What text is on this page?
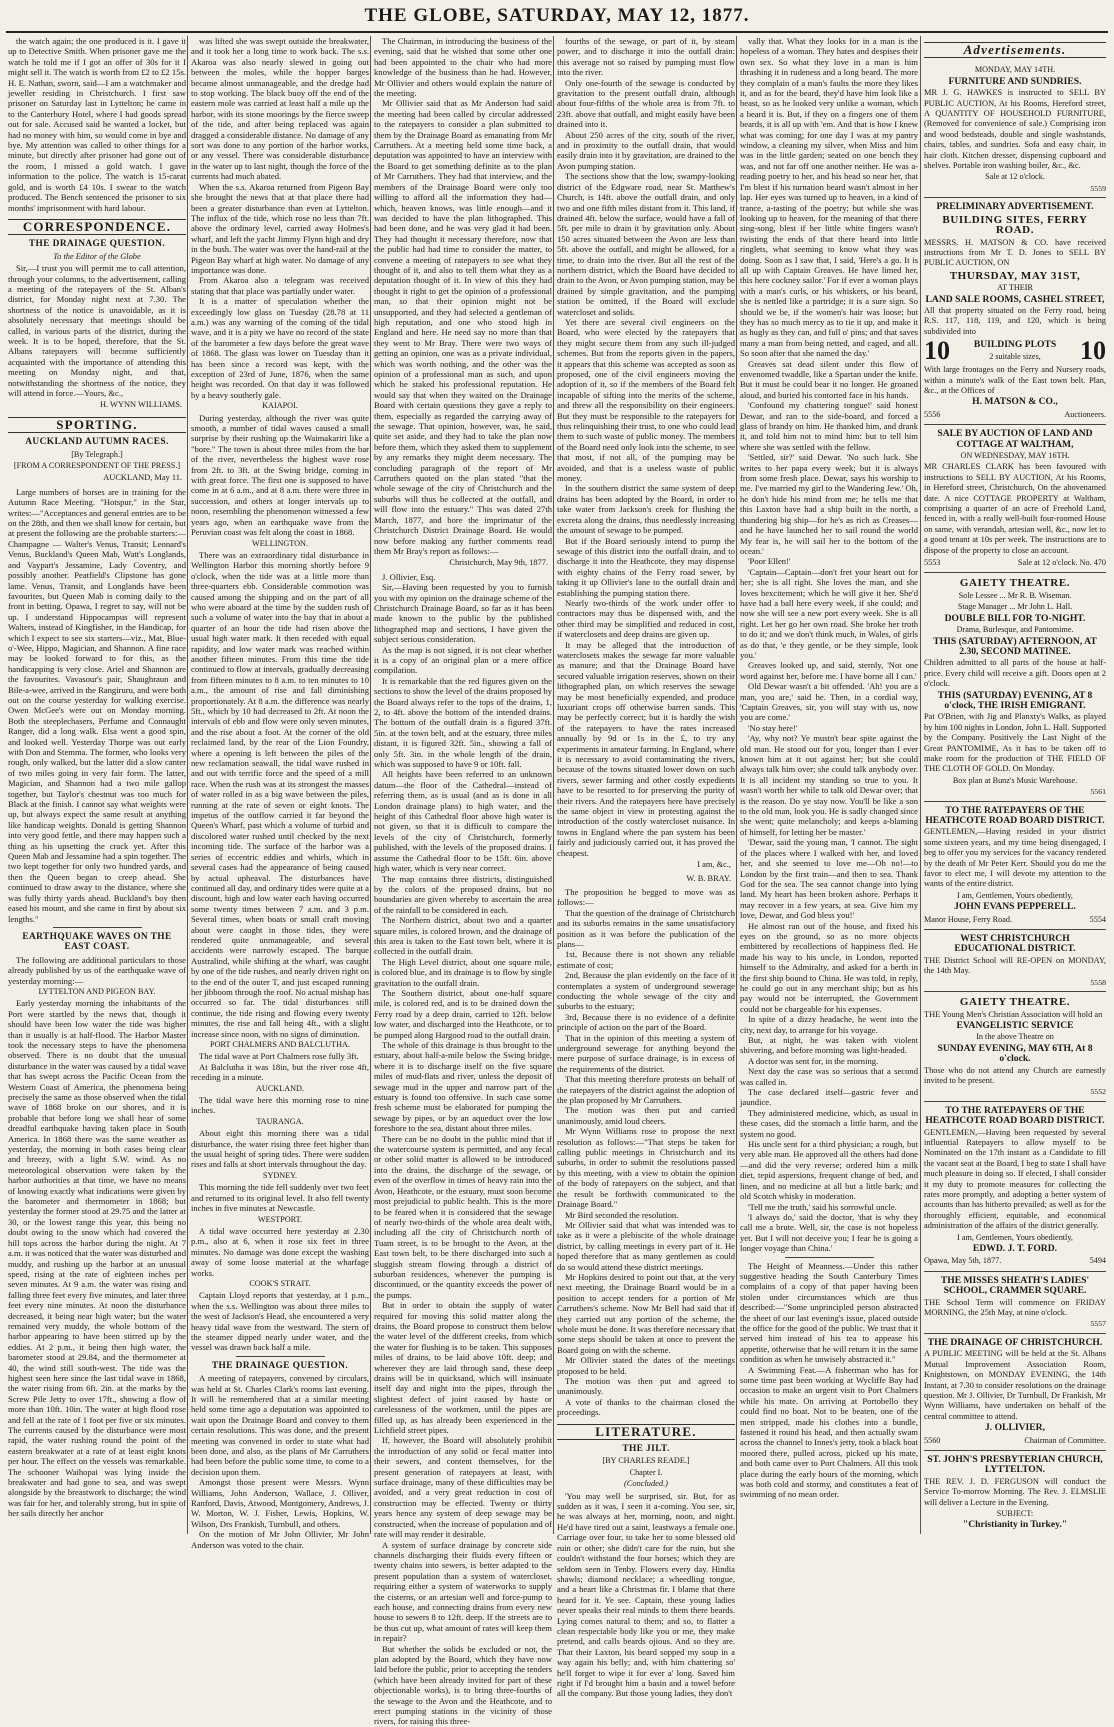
THE GLOBE, SATURDAY, MAY 12, 1877.

the watch again; the one produced is it. I gave it up to Detective Smith. When prisoner gave me the watch he told me if I got an offer of 30s for it I might sell it. The watch is worth from £2 to £2 15s. H. E. Nathan, sworn, said—I am a watchmaker and jeweller residing in Christchurch. I first saw prisoner on Saturday last in Lyttelton; he came in to the Canterbury Hotel, where I had goods spread out for sale. Accused said he wanted a locket, but had no money with him, so would come in bye and bye. My attention was called to other things for a minute, but directly after prisoner had gone out of the room, I missed a gold watch. I gave information to the police. The watch is 15-carat gold, and is worth £4 10s. I swear to the watch produced. The Bench sentenced the prisoner to six months' imprisonment with hard labour.

CORRESPONDENCE.
THE DRAINAGE QUESTION.
To the Editor of the Globe

Sir,—I trust you will permit me to call attention, through your columns, to the advertisement, calling a meeting of the ratepayers of the St. Alban's district, for Monday night next at 7.30. The shortness of the notice is unavoidable, as it is absolutely necessary that meetings should be called, in various parts of the district, during the week. It is to be hoped, therefore, that the St. Albans ratepayers will become sufficiently acquainted with the importance of attending this meeting on Monday night, and that, notwithstanding the shortness of the notice, they will attend in force.—Yours, &c.,

H. WYNN WILLIAMS.
SPORTING.
AUCKLAND AUTUMN RACES.
[By Telegraph.]
[FROM A CORRESPONDENT OF THE PRESS.]
AUCKLAND, May 11.

Large numbers of horses are in training for the Autumn Race Meeting. "Hotspur," in the Star, writes:—"Acceptances and general entries are to be on the 28th, and then we shall know for certain, but at present the following are the probable starters:—Champagne — Walter's Venus, Transit; Leonard's Venus, Buckland's Queen Mab, Watt's Longlands, and Vaypart's Jessamine, Lady Coventry, and possibly another. Peatfield's Clipstone has gone lame. Venus, Transit, and Longlands have been favourites, but Queen Mab is coming daily to the front in betting. Opawa, I regret to say, will not be up. I understand Hippocampus will represent Walters, instead of Kingfisher, in the Handicap, for which I expect to see six starters—viz., Mat, Blue-o'-Wee, Hippo, Magician, and Shannon. A fine race may be looked forward to for this, as the handicapping is very close. Ariel and Shannon are the favourites. Vavasour's pair, Shaughraun and Bile-a-wee, arrived in the Rangiruru, and were both out on the course yesterday for walking exercise. Owen McGee's were out on Monday morning. Both the steeplechasers, Perfume and Connaught Ranger, did a long walk. Elsa went a good spin, and looked well. Yesterday Thorpe was out early with Don and Stemma. The former, who looks very rough, only walked, but the latter did a slow canter of two miles going in very fair form. The latter, Magician, and Shannon had a two mile gallop together, but Taylor's chestnut was too much for Black at the finish. I cannot say what weights were up, but always expect the same result at anything like handicap weights. Donald is getting Shannon into very good fettle, and there may happen such a thing as his upsetting the crack yet. After this Queen Mab and Jessamine had a spin together. The two kept together for only two hundred yards, and then the Queen began to creep ahead. She continued to draw away to the distance, where she was fully thirty yards ahead. Buckland's boy then eased his mount, and she came in first by about six lengths."

EARTHQUAKE WAVES ON THE EAST COAST.

The following are additional particulars to those already published by us of the earthquake wave of yesterday morning:—

LYTTELTON AND PIGEON BAY.

Early yesterday morning the inhabitants of the Port were startled by the news that, though it should have been low water the tide was higher than it usually is at half-flood. The Harbor Master took the necessary steps to have the phenomena observed. There is no doubt that the unusual disturbance in the water was caused by a tidal wave that has swept across the Pacific Ocean from the Western Coast of America, the phenomena being precisely the same as those observed when the tidal wave of 1868 broke on our shores, and it is probable that before long we shall hear of some dreadful earthquake having taken place in South America. In 1868 there was the same weather as yesterday, the morning in both cases being clear and breezy, with a light S.W. wind. As no meteorological observation were taken by the harbor authorities at that time, we have no means of knowing exactly what indications were given by the barometer and thermometer in 1868; but yesterday the former stood at 29.75 and the latter at 30, or the lowest range this year, this being no doubt owing to the snow which had covered the hill tops across the harbor during the night. At 7 a.m. it was noticed that the water was disturbed and muddy, and rushing up the harbor at an unusual speed, rising at the rate of eighteen inches per seven minutes. At 9 a.m. the water was rising and falling three feet every five minutes, and later three feet every nine minutes. At noon the disturbance decreased, it being near high water; but the water remained very muddy, the whole bottom of the harbor appearing to have been stirred up by the eddies. At 2 p.m., it being then high water, the barometer stood at 29.84, and the thermometer at 40, the wind still south-west. The tide was the highest seen here since the last tidal wave in 1868, the water rising from 6ft. 2in. at the marks by the Screw Pile Jetty to over 17ft., showing a flow of more than 10ft. 10in. The water at high flood rose and fell at the rate of 1 foot per five or six minutes. The currents caused by the disturbance were most rapid, the water rushing round the point of the eastern breakwater at a rate of at least eight knots per hour. The effect on the vessels was remarkable. The schooner Waihopai was lying inside the breakwater and had gone to sea, and was swept alongside by the breastwork to discharge; the wind was fair for her, and tolerably strong, but in spite of her sails directly her anchor

was lifted she was swept outside the breakwater, and it took her a long time to work back. The s.s. Akaroa was also nearly slewed in going out between the moles, while the hopper barges became almost unmanageable, and the dredge had to stop working. The black buoy off the end of the eastern mole was carried at least half a mile up the harbor, with its stone moorings by the fierce sweep of the tide, and after being replaced was again dragged a considerable distance. No damage of any sort was done to any portion of the harbor works, or any vessel. There was considerable disturbance in the water up to last night, though the force of the currents had much abated.

When the s.s. Akaroa returned from Pigeon Bay she brought the news that at that place there had been a greater disturbance than even at Lyttelton. The influx of the tide, which rose no less than 7ft. above the ordinary level, carried away Holmes's wharf, and left the yacht Jimmy Flynn high and dry in the bush. The water was over the hand-rail at the Pigeon Bay wharf at high water. No damage of any importance was done.

From Akaroa also a telegram was received stating that that place was partially under water.

It is a matter of speculation whether the exceedingly low glass on Tuesday (28.78 at 11 a.m.) was any warning of the coming of the tidal wave, and it is a pity we have no record of the state of the barometer a few days before the great wave of 1868. The glass was lower on Tuesday than it has been since a record was kept, with the exception of 23rd of June, 1876, when the same height was recorded. On that day it was followed by a heavy southerly gale.

KAIAPOI.

During yesterday, although the river was quite smooth, a number of tidal waves caused a small surprise by their rushing up the Waimakariri like a "bore." The town is about three miles from the bar of the river, nevertheless the highest wave rose from 2ft. to 3ft. at the Swing bridge, coming in with great force. The first one is supposed to have come in at 6 a.m., and at 8 a.m. there were three in succession, and others at longer intervals up to noon, resembling the phenomenon witnessed a few years ago, when an earthquake wave from the Peruvian coast was felt along the coast in 1868.

WELLINGTON.

There was an extraordinary tidal disturbance in Wellington Harbor this morning shortly before 9 o'clock, when the tide was at a little more than three-quarters ebb. Considerable commotion was caused among the shipping and on the part of all who were aboard at the time by the sudden rush of such a volume of water into the bay that in about a quarter of an hour the tide had risen above the usual high water mark. It then receded with equal rapidity, and low water mark was reached within another fifteen minutes. From this time the tide continued to flow at intervals, gradually decreasing from fifteen minutes to 8 a.m. to ten minutes to 10 a.m., the amount of rise and fall diminishing proportionately. At 8 a.m. the difference was nearly 5ft., which by 10 had decreased to 2ft. At noon the intervals of ebb and flow were only seven minutes, and the rise about a foot. At the corner of the old reclaimed land, by the rear of the Lion Foundry, where a opening is left between the piles of the new reclamation seawall, the tidal wave rushed in and out with terrific force and the speed of a mill race. When the rush was at its strongest the masses of water rolled in as a big wave between the piles, running at the rate of seven or eight knots. The impetus of the outflow carried it far beyond the Queen's Wharf, past which a volume of turbid and discolored water rushed until checked by the next incoming tide. The surface of the harbor was a series of eccentric eddies and whirls, which in several cases had the appearance of being caused by actual upheaval. The disturbances have continued all day, and ordinary tides were quite at a discount, high and low water each having occurred some twenty times between 7 a.m. and 3 p.m. Several times, when boats or small craft moving about were caught in those tides, they were rendered quite unmanageable, and several accidents were narrowly escaped. The barque Australind, while shifting at the wharf, was caught by one of the tide rushes, and nearly driven right on to the end of the outer T, and just escaped running her jibboom through the roof. No actual mishap has occurred so far. The tidal disturbances still continue, the tide rising and flowing every twenty minutes, the rise and fall being 4ft., with a slight increase since noon, with no signs of diminution.

PORT CHALMERS AND BALCLUTHA.

The tidal wave at Port Chalmers rose fully 3ft.

At Balclutha it was 18in, but the river rose 4ft, receding in a minute.

AUCKLAND.

The tidal wave here this morning rose to nine inches.

TAURANGA.

About eight this morning there was a tidal disturbance, the water rising three feet higher than the usual height of spring tides. There were sudden rises and falls at short intervals throughout the day.

SYDNEY.

This morning the tide fell suddenly over two feet and returned to its original level. It also fell twenty inches in five minutes at Newcastle.

WESTPORT.

A tidal wave occurred here yesterday at 2.30 p.m., also at 6, when it rose six feet in three minutes. No damage was done except the washing away of some loose material at the wharfage works.

COOK'S STRAIT.

Captain Lloyd reports that yesterday, at 1 p.m., when the s.s. Wellington was about three miles to the west of Jackson's Head, she encountered a very heavy tidal wave from the westward. The stern of the steamer dipped nearly under water, and the vessel was drawn back half a mile.

THE DRAINAGE QUESTION.

A meeting of ratepayers, convened by circulars, was held at St. Charles Clark's rooms last evening. It will be remembered that at a similar meeting held some time ago a deputation was appointed to wait upon the Drainage Board and convey to them certain resolutions. This was done, and the present meeting was convened in order to state what had been done, and also, as the plans of Mr Carruthers had been before the public some time, to come to a decision upon them.

Amongst those present were Messrs. Wynn Williams, John Anderson, Wallace, J. Olliver, Ranford, Davis, Atwood, Montgomery, Andrews, J. W. Morton, W. J. Fisher, Lewis, Hopkins, W. Wilson, Drs Frankish, Turnbull, and others.

On the motion of Mr John Ollivier, Mr John Anderson was voted to the chair.

The Chairman, in introducing the business of the evening, said that he wished that some other one had been appointed to the chair who had more knowledge of the business than he had. However, Mr Ollivier and others would explain the nature of the meeting.

Mr Ollivier said that as Mr Anderson had said the meeting had been called by circular addressed to the ratepayers to consider a plan submitted to them by the Drainage Board as emanating from Mr Carruthers. At a meeting held some time back, a deputation was appointed to have an interview with the Board to get something definite as to the plan of Mr Carruthers. They had that interview, and the members of the Drainage Board were only too willing to afford all the information they had—which, heaven knows, was little enough—and it was decided to have the plan lithographed. This had been done, and he was very glad it had been. They had thought it necessary therefore, now that the public had had time to consider the matter, to convene a meeting of ratepayers to see what they thought of it, and also to tell them what they as a deputation thought of it. In view of this they had thought it right to get the opinion of a professional man, so that their opinion might not be unsupported, and they had selected a gentleman of high reputation, and one who stood high in England and here. He need say no more than that they went to Mr Bray. There were two ways of getting an opinion, one was as a private individual, which was worth nothing, and the other was the opinion of a professional man as such, and upon which he staked his professional reputation. He would say that when they waited on the Drainage Board with certain questions they gave a reply to them, especially as regarded the carrying away of the sewage. That opinion, however, was, he said, quite set aside, and they had to take the plan now before them, which they asked them to supplement by any remarks they might deem necessary. The concluding paragraph of the report of Mr Carruthers quoted on the plan stated "that the whole sewage of the city of Christchurch and the suburbs will thus be collected at the outfall, and will flow into the estuary." This was dated 27th March, 1877, and bore the imprimatur of the Christchurch District Drainage Board. He would now before making any further comments read them Mr Bray's report as follows:—

Christchurch, May 9th, 1877.

J. Ollivier, Esq.

Sir,—Having been requested by you to furnish you with my opinion on the drainage scheme of the Christchurch Drainage Board, so far as it has been made known to the public by the published lithographed map and sections, I have given the subject serious consideration.

As the map is not signed, it is not clear whether it is a copy of an original plan or a mere office compilation.

It is remarkable that the red figures given on the sections to show the level of the drains proposed by the Board always refer to the tops of the drains, 1, 2, to 4ft. above the bottom of the intended drains. The bottom of the outfall drain is a figured 37ft. 5in. at the town belt, and at the estuary, three miles distant, it is figured 32ft. 5in., showing a fall of only 5ft. 3in. in the whole length of the drain, which was supposed to have 9 or 10ft. fall.

All heights have been referred to an unknown datum—the floor of the Cathedral—instead of referring them, as is usual (and as is done in all London drainage plans) to high water, and the height of this Cathedral floor above high water is not given, so that it is difficult to compare the levels of the city of Christchurch, formerly published, with the levels of the proposed drains. I assume the Cathedral floor to be 15ft. 6in. above high water, which is very near correct.

The map contains three districts, distinguished by the colors of the proposed drains, but no boundaries are given whereby to ascertain the area of the rainfall to be considered in each.

The Northern district, about two and a quarter square miles, is colored brown, and the drainage of this area is taken to the East town belt, where it is collected in the outfall drain.

The High Level district, about one square mile, is colored blue, and its drainage is to flow by single gravitation to the outfall drain.

The Southern district, about one-half square mile, is colored red, and is to be drained down the Ferry road by a deep drain, carried to 12ft. below low water, and discharged into the Heathcote, or to be pumped along Hargood road to the outfall drain.

The whole of this drainage is thus brought to the estuary, about half-a-mile below the Swing bridge, where it is to discharge itself on the five square miles of mud-flats and river, unless the deposit of sewage mud in the upper and narrow part of the estuary is found too offensive. In such case some fresh scheme must be elaborated for pumping the sewage by pipes, or by an aqueduct over the low foreshore to the sea, distant about three miles.

There can be no doubt in the public mind that if the watercourse system is permitted, and any fecal or other solid matter is allowed to be introduced into the drains, the discharge of the sewage, or even of the overflow in times of heavy rain into the Avon, Heathcote, or the estuary, must soon become most prejudicial to public health. This is the more to be feared when it is considered that the sewage of nearly two-thirds of the whole area dealt with, including all the city of Christchurch north of Tuam street, is to be brought to the Avon, at the East town belt, to be there discharged into such a sluggish stream flowing through a district of suburban residences, whenever the pumping is discontinued, or the quantity exceeds the power of the pumps.

But in order to obtain the supply of water required for moving this solid matter along the drains, the Board propose to construct them below the water level of the different creeks, from which the water for flushing is to be taken. This supposes miles of drains, to be laid above 10ft. deep; and wherever they are laid through sand, these deep drains will be in quicksand, which will insinuate itself day and night into the pipes, through the slightest defect of joint caused by haste or carelessness of the workmen, until the pipes are filled up, as has already been experienced in the Lichfield street pipes.

If, however, the Board will absolutely prohibit the introduction of any solid or fecal matter into their sewers, and content themselves, for the present generation of ratepayers at least, with surface drainage, many of these difficulties may be avoided, and a very great reduction in cost of construction may be effected. Twenty or thirty years hence any system of deep sewage may be constructed, when the increase of population and of rate will may render it desirable.

A system of surface drainage by concrete side channels discharging their fluids every fifteen or twenty chains into sewers, is better adapted to the present population than a system of watercloset, requiring either a system of waterworks to supply the cisterns, or an artesian well and force-pump to each house, and connecting drains from every new house to sewers 8 to 12ft. deep. If the streets are to be thus cut up, what amount of rates will keep them in repair?

But whether the solids be excluded or not, the plan adopted by the Board, which they have now laid before the public, prior to accepting the tenders (which have been already invited for part of these objectionable works), is to bring three-fourths of the sewage to the Avon and the Heathcote, and to erect pumping stations in the vicinity of those rivers, for raising this three-

fourths of the sewage, or part of it, by steam power, and to discharge it into the outfall drain: this average not so raised by pumping must flow into the river.

Only one-fourth of the sewage is conducted by gravitation to the present outfall drain, although about four-fifths of the whole area is from 7ft. to 23ft. above that outfall, and might easily have been drained into it.

About 250 acres of the city, south of the river, and in proximity to the outfall drain, that would easily drain into it by gravitation, are drained to the Avon pumping station.

The sections show that the low, swampy-looking district of the Edgware road, near St. Matthew's Church, is 14ft. above the outfall drain, and only two and one fifth miles distant from it. This land, if drained 4ft. below the surface, would have a fall of 5ft. per mile to drain it by gravitation only. About 150 acres situated between the Avon are less than 5ft. above the outfall, and might be allowed, for a time, to drain into the river. But all the rest of the northern district, which the Board have decided to drain to the Avon, or Avon pumping station, may be drained by simple gravitation, and the pumping station be omitted, if the Board will exclude watercloset and solids.

Yet there are several civil engineers on the Board, who were elected by the ratepayers that they might secure them from any such ill-judged schemes. But from the reports given in the papers, it appears that this scheme was accepted as soon as proposed, one of the civil engineers moving the adoption of it, so if the members of the Board felt incapable of sifting into the merits of the scheme, and threw all the responsibility on their engineers. But they must be responsible to the ratepayers for thus relinquishing their trust, to one who could lead them to such waste of public money. The members of the Board need only look into the scheme, to see that most, if not all, of the pumping may be avoided, and that is a useless waste of public money.

In the southern district the same system of deep drains has been adopted by the Board, in order to take water from Jackson's creek for flushing the excreta along the drains, thus needlessly increasing the amount of sewage to be pumped.

But if the Board seriously intend to pump the sewage of this district into the outfall drain, and to discharge it into the Heathcote, they may dispense with eighty chains of the Ferry road sewer, by taking it up Ollivier's lane to the outfall drain and establishing the pumping station there.

Nearly two-thirds of the work under offer to contractors may thus be dispensed with, and the other third may be simplified and reduced in cost, if waterclosets and deep drains are given up.

It may be alleged that the introduction of waterclosets makes the sewage far more valuable as manure; and that the Drainage Board have secured valuable irrigation reserves, shown on their lithographed plan, on which reserves the sewage may be most beneficially expended, and produce luxuriant crops off otherwise barren sands. This may be perfectly correct; but it is hardly the wish of the ratepayers to have the rates increased annually by 9d or 1s in the £, to try any experiments in amateur farming. In England, where it is necessary to avoid contaminating the rivers, because of the towns situated lower down on such rivers, sewer farming and other costly expedients have to be resorted to for preserving the purity of their rivers. And the ratepayers here have precisely the same object in view in protesting against the introduction of the costly watercloset nuisance. In towns in England where the pan system has been fairly and judiciously carried out, it has proved the cheapest.

I am, &c.,
W. B. BRAY.

The proposition he begged to move was as follows:—

That the question of the drainage of Christchurch and its suburbs remains in the same unsatisfactory position as it was before the publication of the plans—

1st, Because there is not shown any reliable estimate of cost;

2nd, Because the plan evidently on the face of it contemplates a system of underground sewerage conducting the whole sewage of the city and suburbs to the estuary;

3rd, Because there is no evidence of a definite principle of action on the part of the Board.

That in the opinion of this meeting a system of underground sewerage for anything beyond the mere purpose of surface drainage, is in excess of the requirements of the district.

That this meeting therefore protests on behalf of the ratepayers of the district against the adoption of the plan proposed by Mr Carruthers.

The motion was then put and carried unanimously, amid loud cheers.

Mr Wynn Williams rose to propose the next resolution as follows:—"That steps be taken for calling public meetings in Christchurch and its suburbs, in order to submit the resolutions passed by this meeting, with a view to obtain the opinion of the body of ratepayers on the subject, and that the result be forthwith communicated to the Drainage Board."

Mr Bird seconded the resolution.

Mr Ollivier said that what was intended was to take as it were a plebiscite of the whole drainage district, by calling meetings in every part of it. He hoped therefore that as many gentlemen as could do so would attend these district meetings.

Mr Hopkins desired to point out that, at the very next meeting, the Drainage Board would be in a position to accept tenders for a portion of Mr Carruthers's scheme. Now Mr Bell had said that if they carried out any portion of the scheme, the whole must be done. It was therefore necessary that some steps should be taken at once to prevent the Board going on with the scheme.

Mr Ollivier stated the dates of the meetings proposed to be held.

The motion was then put and agreed to unanimously.

A vote of thanks to the chairman closed the proceedings.

LITERATURE.
THE JILT.
[BY CHARLES READE.]
Chapter I.
(Concluded.)

'You may well be surprised, sir. But, for as sudden as it was, I seen it a-coming. You see, sir, he was always at her, morning, noon, and night. He'd have tired out a saint, leastways a female one. Carriage over four, to take her to some blessed old ruin or other; she didn't care for the ruin, but she couldn't withstand the four horses; which they are seldom seen in Tenby. Flowers every day. Hindia shawls; diamond necklace; a wheedling tongue, and a heart like a Christmas fir. I blame that there heard for it. Ye see. Captain, these young ladies never speaks their real minds to them there beards. Lying comes natural to them; and so, to flatter a clean respectable body like you or me, they make pretend, and calls beards ojious. And so they are. That their Laxton, his beard sopped my soup in a way again his belly; and, with him chattering so' he'll forget to wipe it for ever a' long. Saved him right if I'd brought him a basin and a towel before all the company. But those young ladies, they don't

vally that. What they looks for in a man is the hopeless of a woman. They hates and despises their own sex. So what they love in a man is him thrashing it in rudeness and a long beard. The more they complain of a man's faults the more they likes it, and as for the beard, they'd have him look like a beast, so as he looked very unlike a woman, which a beard it is. But, if they on a fingers one of them beards, it is all up with 'em. And that is how I knew what was coming; for one day I was at my pantry window, a cleaning my silver, when Miss and him was in the little garden; seated on one bench they was, and not far off one another neither. He was a-reading poetry to her, and his head so near her, that I'm blest if his turnation beard wasn't almost in her lap. Her eyes was turned up to heaven, in a kind of trance, a-tasting of the poetry; but while she was looking up to heaven, for the meaning of that there sing-song, blest if her little white fingers wasn't twisting the ends of that there beard into little ringlets, what seeming to know what they was doing. Soon as I saw that, I said, 'Here's a go. It is all up with Captain Greaves. He have limed her, this here cockney sailor.' For if ever a woman plays with a man's curls, or his whiskers, or his beard, she is nettled like a partridge; it is a sure sign. So should we be, if the women's hair was loose; but they has so much mercy as to tie it up, and make it as hugly as they can, and full o' pins; and that saves many a man from being netted, and caged, and all. So soon after that she named the day.'

Greaves sat dead silent under this flow of envenomed twaddle, like a Spartan under the knife. But it must be could bear it no longer. He groaned aloud, and buried his contorted face in his hands.

'Confound my chattering tongue!' said honest Dewar, and ran to the side-board, and forced a glass of brandy on him. He thanked him, and drank it, and told him not to mind him: but to tell him where she was settled with the fellow.

'Settled, sir?' said Dewar. 'No such luck. She writes to her papa every week; but it is always from some fresh place. Dewar, says his worship to me. I've married my girl to the Wandering Jew.' Oh, he don't hide his mind from me; he tells me that this Laxton have had a ship built in the north, a thundering big ship—for he's as rich as Creases—and he have launched her to sail round the world My fear is, he will sail her to the bottom of the ocean.'

'Poor Ellen!'

'Captain—Captain—don't fret your heart out for her; she is all right. She loves the man, and she loves hexcitement; which he will give it her. She'd have had a ball here every week, if she could; and now she will see a new port every week. She is all right. Let her go her own road. She broke her troth to do it; and we don't think much, in Wales, of girls as do that, 'e they gentle, or be they simple, look you.'

Greaves looked up, and said, sternly, 'Not one word against her, before me. I have borne all I can.'

Old Dewar wasn't a bit offended. 'Ah! you are a man, you are,' said he. Then, in a cordial way, 'Captain Greaves, sir, you will stay with us, now you are come.'

'No stay here!'

'Ay, why not? Ye mustn't bear spite against the old man. He stood out for you, longer than I ever known him at it out against her; but she could always talk him over; she could talk anybody over. It is all incident my standing so true to you. It wasn't worth her while to talk old Dewar over; that is the reason. Do ye stay now. You'll be like a son to the old man, look you. He is sadly changed since she went; quite melancholy; and keeps a-blaming of himself, for letting her be master.'

'Dewar, said the young man, 'I cannot. The sight of the places where I walked with her, and loved her, and she seemed to love me—Oh no!—to London by the first train—and then to sea. Thank God for the sea. The sea cannot change into lying land. My heart has been broken ashore. Perhaps it may recover in a few years, at sea. Give him my love, Dewar, and God bless you!'

He almost ran out of the house, and fixed his eyes on the ground, so as no more objects embittered by recollections of happiness fled. He made his way to his uncle, in London, reported himself to the Admiralty, and asked for a berth in the first ship bound to China. He was told, in reply, he could go out in any merchant ship; but as his pay would not be interrupted, the Government could not be chargeable for his expenses.

In spite of a dizzy headache, he went into the city, next day, to arrange for his voyage.

But, at night, he was taken with violent shivering, and before morning was light-headed.

A doctor was sent for, in the morning.

Next day the case was so serious that a second was called in.

The case declared itself—gastric fever and jaundice.

They administered medicine, which, as usual in these cases, did the stomach a little harm, and the system no good.

His uncle sent for a third physician; a rough, but very able man. He approved all the others had done—and did the very reverse; ordered him a milk diet, tepid aspersions, frequent change of bed, and linen, and no medicine at all but a little bark; and old Scotch whisky in moderation.

'Tell me the truth,' said his sorrowful uncle.

'I always do,' said the doctor, 'that is why they call me a brute. Well, sir, the case is not hopeless yet. But I will not deceive you; I fear he is going a longer voyage than China.'

The Height of Meanness.—Under this rather suggestive heading the South Canterbury Times complains of a copy of that paper having been stolen under circumstances which are thus described:—"Some unprincipled person abstracted the sheet of our last evening's issue, placed outside the office for the good of the public. We trust that it served him instead of his tea to appease his appetite, otherwise that he will return it in the same condition as when he unwisely abstracted it."

A Swimming Feat.—A fisherman who has for some time past been working at Wycliffe Bay had occasion to make an urgent visit to Port Chalmers while his mate. On arriving at Portobello they could find no boat. Not to be beaten, one of the men stripped, made his clothes into a bundle, fastened it round his head, and then actually swam across the channel to Innes's jetty, took a black boat moored there, pulled across, picked up his mate, and both came over to Port Chalmers. All this took place during the early hours of the morning, which was both cold and stormy, and constitutes a feat of swimming of no mean order.

Advertisements.
MONDAY, MAY 14TH.
FURNITURE AND SUNDRIES.
MR J. G. HAWKES is instructed to SELL BY PUBLIC AUCTION, At his Rooms, Hereford street, A QUANTITY OF HOUSEHOLD FURNITURE, (Removed for convenience of sale.) Comprising iron and wood bedsteads, double and single washstands, chairs, tables, and sundries. Sofa and easy chair, in hair cloth. Kitchen dresser, dispensing cupboard and shelves. Portable iron washing boiler, &c., &c.
Sale at 12 o'clock.
5559
PRELIMINARY ADVERTISEMENT.
BUILDING SITES, FERRY ROAD.
MESSRS. H. MATSON & CO. have received instructions from Mr T. D. Jones to SELL BY PUBLIC AUCTION, ON
THURSDAY, MAY 31ST,
AT THEIR
LAND SALE ROOMS, CASHEL STREET,
All that property situated on the Ferry road, being R.S. 117, 118, 119, and 120, which is being subdivided into
10 BUILDING PLOTS
2 suitable sizes,	10
With large frontages on the Ferry and Nursery roads, within a minute's walk of the East town belt. Plan, &c., at the Offices of
H. MATSON & CO.,
5556	Auctioneers.
SALE BY AUCTION OF LAND AND COTTAGE AT WALTHAM,
ON WEDNESDAY, MAY 16TH.
MR CHARLES CLARK has been favoured with instructions to SELL BY AUCTION, At his Rooms, in Hereford street, Christchurch, On the abovenamed date. A nice COTTAGE PROPERTY at Waltham, comprising a quarter of an acre of Freehold Land, fenced in, with a really well-built four-roomed House on same, with verandah, artesian well, &c., now let to a good tenant at 10s per week. The instructions are to dispose of the property to close an account.
5553	Sale at 12 o'clock. No. 470
GAIETY THEATRE.
Sole Lessee ... Mr R. B. Wiseman.
Stage Manager ... Mr John L. Hall.
DOUBLE BILL FOR TO-NIGHT.
Drama, Burlesque, and Pantomime.
THIS (SATURDAY) AFTERNOON, AT 2.30, SECOND MATINEE.
Children admitted to all parts of the house at half-price. Every child will receive a gift. Doors open at 2 o'clock.
THIS (SATURDAY) EVENING, AT 8 o'clock, THE IRISH EMIGRANT.
Pat O'Brien, with Jig and Planxty's Walks, as played by him 100 nights in London, John L. Hall. Supported by the Company. Positively the Last Night of the Great PANTOMIME, As it has to be taken off to make room for the production of THE FIELD OF THE CLOTH OF GOLD. On Monday.
Box plan at Bunz's Music Warehouse.
5561
TO THE RATEPAYERS OF THE HEATHCOTE ROAD BOARD DISTRICT.
GENTLEMEN,—Having resided in your district some sixteen years, and my time being disengaged, I beg to offer you my services for the vacancy rendered by the death of Mr Peter Kerr. Should you do me the favor to elect me, I will devote my attention to the wants of the entire district.
I am, Gentlemen, Yours obediently,
JOHN EVANS PEPPERELL.
Manor House, Ferry Road.	5554
WEST CHRISTCHURCH EDUCATIONAL DISTRICT.
THE District School will RE-OPEN on MONDAY, the 14th May.
5558
GAIETY THEATRE.
THE Young Men's Christian Association will hold an
EVANGELISTIC SERVICE
In the above Theatre on
SUNDAY EVENING, MAY 6TH, At 8 o'clock.
Those who do not attend any Church are earnestly invited to be present.
5552
TO THE RATEPAYERS OF THE HEATHCOTE ROAD BOARD DISTRICT.
GENTLEMEN,—Having been requested by several influential Ratepayers to allow myself to be Nominated on the 17th instant as a Candidate to fill the vacant seat at the Board, I beg to state I shall have much pleasure in doing so. If elected, I shall consider it my duty to promote measures for collecting the rates more promptly, and adopting a better system of accounts than has hitherto prevailed; as well as for the thoroughly efficient, equitable, and economical administration of the affairs of the district generally.
I am, Gentlemen, Yours obediently,
EDWD. J. T. FORD.
Opawa, May 5th, 1877.	5494
THE MISSES SHEATH'S LADIES' SCHOOL, CRAMMER SQUARE.
THE School Term will commence on FRIDAY MORNING, the 25th May, at nine o'clock.
5557
THE DRAINAGE OF CHRISTCHURCH.
A PUBLIC MEETING will be held at the St. Albans Mutual Improvement Association Room, Knightstown, on MONDAY EVENING, the 14th Instant, at 7.30 to consider resolutions on the drainage question. Mr J. Ollivier, Dr Turnbull, Dr Frankish, Mr Wynn Williams, have undertaken on behalf of the central committee to attend.
J. OLLIVIER,
5560	Chairman of Committee.
ST. JOHN'S PRESBYTERIAN CHURCH, LYTTELTON.
THE REV. J. D. FERGUSON will conduct the Service To-morrow Morning. The Rev. J. ELMSLIE will deliver a Lecture in the Evening.
SUBJECT:
"Christianity in Turkey."
